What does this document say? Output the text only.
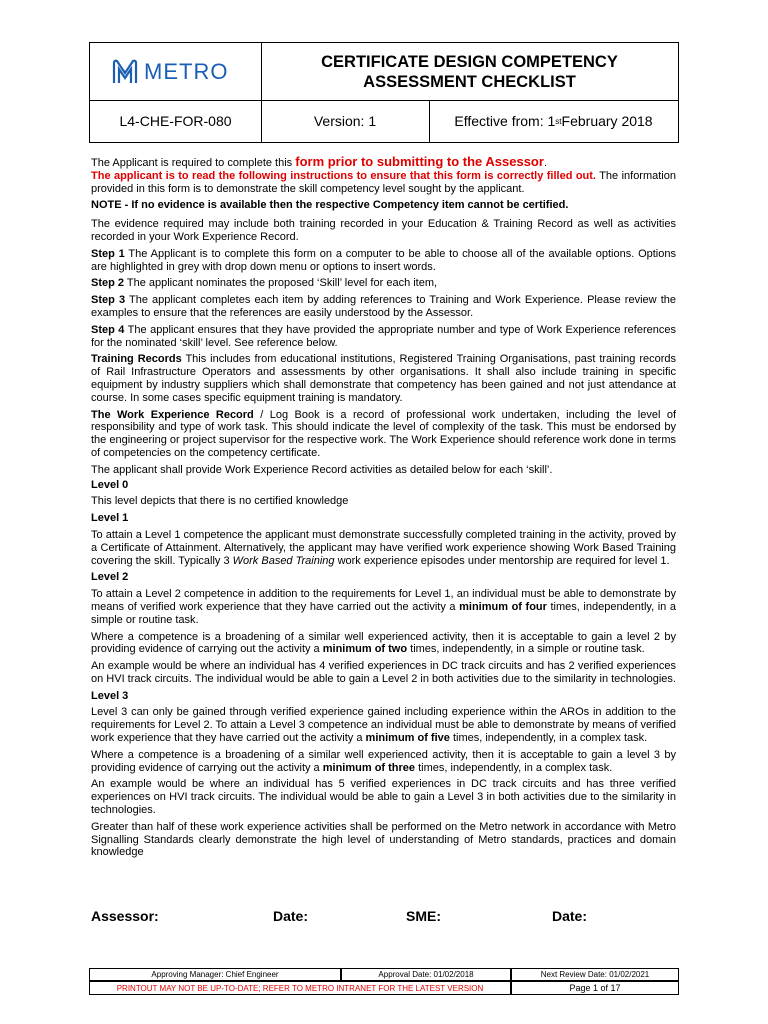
METRO	CERTIFICATE DESIGN COMPETENCY
ASSESSMENT CHECKLIST
L4-CHE-FOR-080	Version: 1	Effective from: 1 st February 2018

The Applicant is required to complete this form prior to submitting to the Assessor.

The applicant is to read the following instructions to ensure that this form is correctly filled out. The information provided in this form is to demonstrate the skill competency level sought by the applicant.

NOTE - If no evidence is available then the respective Competency item cannot be certified.

The evidence required may include both training recorded in your Education & Training Record as well as activities recorded in your Work Experience Record.

Step 1 The Applicant is to complete this form on a computer to be able to choose all of the available options. Options are highlighted in grey with drop down menu or options to insert words.

Step 2 The applicant nominates the proposed ‘Skill’ level for each item,

Step 3 The applicant completes each item by adding references to Training and Work Experience. Please review the examples to ensure that the references are easily understood by the Assessor.

Step 4 The applicant ensures that they have provided the appropriate number and type of Work Experience references for the nominated ‘skill’ level. See reference below.

Training Records This includes from educational institutions, Registered Training Organisations, past training records of Rail Infrastructure Operators and assessments by other organisations. It shall also include training in specific equipment by industry suppliers which shall demonstrate that competency has been gained and not just attendance at course. In some cases specific equipment training is mandatory.

The Work Experience Record / Log Book is a record of professional work undertaken, including the level of responsibility and type of work task. This should indicate the level of complexity of the task. This must be endorsed by the engineering or project supervisor for the respective work. The Work Experience should reference work done in terms of competencies on the competency certificate.

The applicant shall provide Work Experience Record activities as detailed below for each ‘skill’.

Level 0

This level depicts that there is no certified knowledge

Level 1

To attain a Level 1 competence the applicant must demonstrate successfully completed training in the activity, proved by a Certificate of Attainment. Alternatively, the applicant may have verified work experience showing Work Based Training covering the skill. Typically 3 Work Based Training work experience episodes under mentorship are required for level 1.

Level 2

To attain a Level 2 competence in addition to the requirements for Level 1, an individual must be able to demonstrate by means of verified work experience that they have carried out the activity a minimum of four times, independently, in a simple or routine task.

Where a competence is a broadening of a similar well experienced activity, then it is acceptable to gain a level 2 by providing evidence of carrying out the activity a minimum of two times, independently, in a simple or routine task.

An example would be where an individual has 4 verified experiences in DC track circuits and has 2 verified experiences on HVI track circuits. The individual would be able to gain a Level 2 in both activities due to the similarity in technologies.

Level 3

Level 3 can only be gained through verified experience gained including experience within the AROs in addition to the requirements for Level 2. To attain a Level 3 competence an individual must be able to demonstrate by means of verified work experience that they have carried out the activity a minimum of five times, independently, in a complex task.

Where a competence is a broadening of a similar well experienced activity, then it is acceptable to gain a level 3 by providing evidence of carrying out the activity a minimum of three times, independently, in a complex task.

An example would be where an individual has 5 verified experiences in DC track circuits and has three verified experiences on HVI track circuits. The individual would be able to gain a Level 3 in both activities due to the similarity in technologies.

Greater than half of these work experience activities shall be performed on the Metro network in accordance with Metro Signalling Standards clearly demonstrate the high level of understanding of Metro standards, practices and domain knowledge

Assessor:	Date:	SME:	Date:
Approving Manager: Chief Engineer	Approval Date: 01/02/2018	Next Review Date: 01/02/2021
PRINTOUT MAY NOT BE UP-TO-DATE; REFER TO METRO INTRANET FOR THE LATEST VERSION	Page 1 of 17
